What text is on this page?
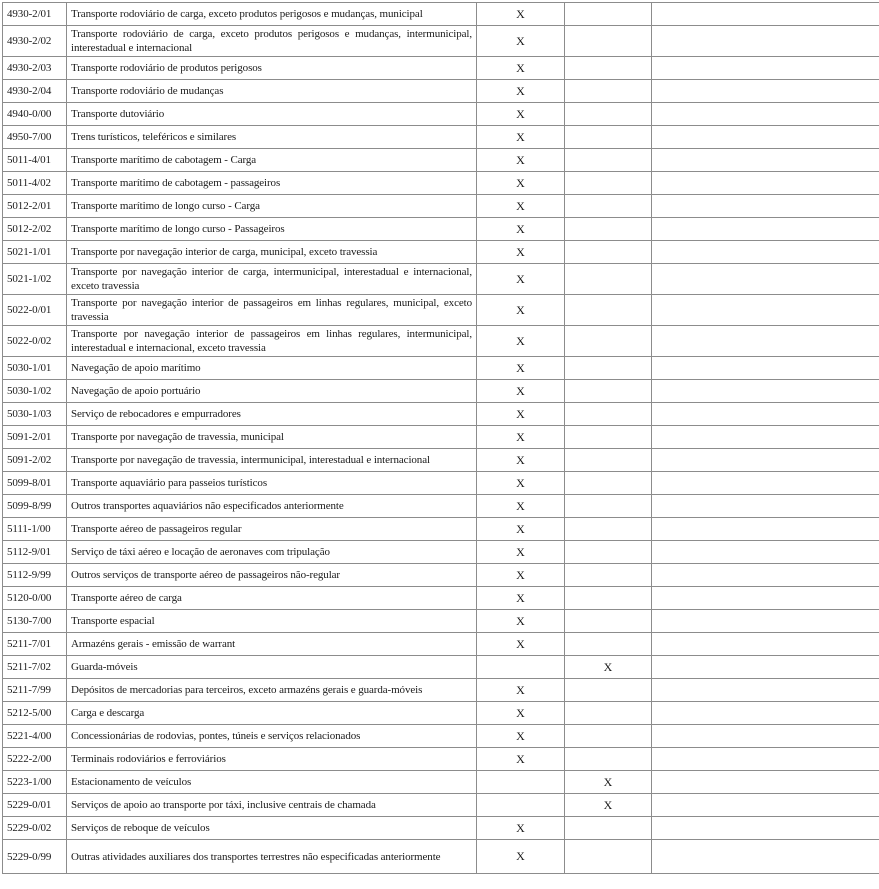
4930-2/01	Transporte rodoviário de carga, exceto produtos perigosos e mudanças, municipal	X		
4930-2/02	Transporte rodoviário de carga, exceto produtos perigosos e mudanças, intermunicipal, interestadual e internacional	X		
4930-2/03	Transporte rodoviário de produtos perigosos	X		
4930-2/04	Transporte rodoviário de mudanças	X		
4940-0/00	Transporte dutoviário	X		
4950-7/00	Trens turísticos, teleféricos e similares	X		
5011-4/01	Transporte marítimo de cabotagem - Carga	X		
5011-4/02	Transporte marítimo de cabotagem - passageiros	X		
5012-2/01	Transporte marítimo de longo curso - Carga	X		
5012-2/02	Transporte marítimo de longo curso - Passageiros	X		
5021-1/01	Transporte por navegação interior de carga, municipal, exceto travessia	X		
5021-1/02	Transporte por navegação interior de carga, intermunicipal, interestadual e internacional, exceto travessia	X		
5022-0/01	Transporte por navegação interior de passageiros em linhas regulares, municipal, exceto travessia	X		
5022-0/02	Transporte por navegação interior de passageiros em linhas regulares, intermunicipal, interestadual e internacional, exceto travessia	X		
5030-1/01	Navegação de apoio marítimo	X		
5030-1/02	Navegação de apoio portuário	X		
5030-1/03	Serviço de rebocadores e empurradores	X		
5091-2/01	Transporte por navegação de travessia, municipal	X		
5091-2/02	Transporte por navegação de travessia, intermunicipal, interestadual e internacional	X		
5099-8/01	Transporte aquaviário para passeios turísticos	X		
5099-8/99	Outros transportes aquaviários não especificados anteriormente	X		
5111-1/00	Transporte aéreo de passageiros regular	X		
5112-9/01	Serviço de táxi aéreo e locação de aeronaves com tripulação	X		
5112-9/99	Outros serviços de transporte aéreo de passageiros não-regular	X		
5120-0/00	Transporte aéreo de carga	X		
5130-7/00	Transporte espacial	X		
5211-7/01	Armazéns gerais - emissão de warrant	X		
5211-7/02	Guarda-móveis		X	
5211-7/99	Depósitos de mercadorias para terceiros, exceto armazéns gerais e guarda-móveis	X		
5212-5/00	Carga e descarga	X		
5221-4/00	Concessionárias de rodovias, pontes, túneis e serviços relacionados	X		
5222-2/00	Terminais rodoviários e ferroviários	X		
5223-1/00	Estacionamento de veículos		X	
5229-0/01	Serviços de apoio ao transporte por táxi, inclusive centrais de chamada		X	
5229-0/02	Serviços de reboque de veículos	X		
5229-0/99	Outras atividades auxiliares dos transportes terrestres não especificadas anteriormente	X		
